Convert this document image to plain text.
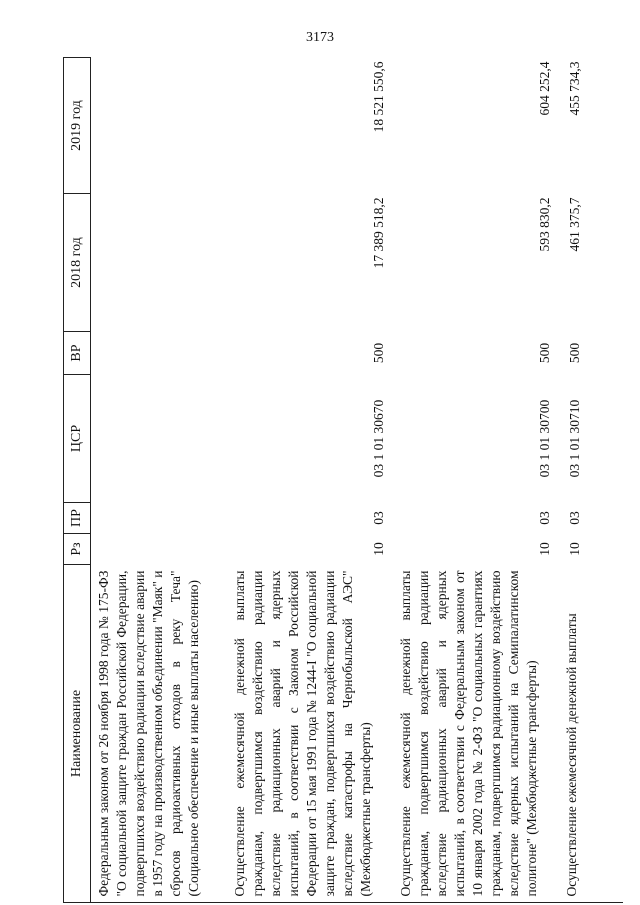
3173
Наименование	Рз	ПР	ЦСР	ВР	2018 год	2019 год
Федеральным законом от 26 ноября 1998 года № 175-ФЗ "О социальной защите граждан Российской Федерации, подвергшихся воздействию радиации вследствие аварии в 1957 году на производственном объединении "Маяк" и сбросов радиоактивных отходов в реку Теча" (Социальное обеспечение и иные выплаты населению)						
Осуществление ежемесячной денежной выплаты гражданам, подвергшимся воздействию радиации вследствие радиационных аварий и ядерных испытаний, в соответствии с Законом Российской Федерации от 15 мая 1991 года № 1244-I "О социальной защите граждан, подвергшихся воздействию радиации вследствие катастрофы на Чернобыльской АЭС" (Межбюджетные трансферты)	10	03	03 1 01 30670	500	17 389 518,2	18 521 550,6
Осуществление ежемесячной денежной выплаты гражданам, подвергшимся воздействию радиации вследствие радиационных аварий и ядерных испытаний, в соответствии с Федеральным законом от 10 января 2002 года № 2-ФЗ "О социальных гарантиях гражданам, подвергшимся радиационному воздействию вследствие ядерных испытаний на Семипалатинском полигоне" (Межбюджетные трансферты)	10	03	03 1 01 30700	500	593 830,2	604 252,4
Осуществление ежемесячной денежной выплаты	10	03	03 1 01 30710	500	461 375,7	455 734,3
